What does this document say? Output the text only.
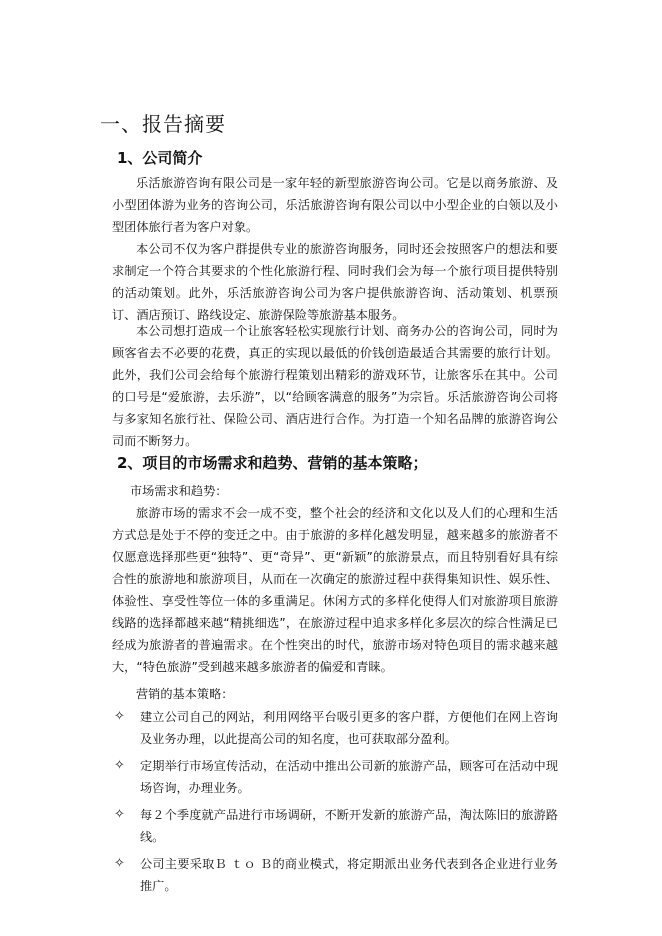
一、报告摘要
1、公司简介

乐活旅游咨询有限公司是一家年轻的新型旅游咨询公司。它是以商务旅游、及小型团体游为业务的咨询公司，乐活旅游咨询有限公司以中小型企业的白领以及小型团体旅行者为客户对象。

本公司不仅为客户群提供专业的旅游咨询服务，同时还会按照客户的想法和要求制定一个符合其要求的个性化旅游行程、同时我们会为每一个旅行项目提供特别的活动策划。此外，乐活旅游咨询公司为客户提供旅游咨询、活动策划、机票预订、酒店预订、路线设定、旅游保险等旅游基本服务。

本公司想打造成一个让旅客轻松实现旅行计划、商务办公的咨询公司，同时为顾客省去不必要的花费，真正的实现以最低的价钱创造最适合其需要的旅行计划。此外，我们公司会给每个旅游行程策划出精彩的游戏环节，让旅客乐在其中。公司的口号是“爱旅游，去乐游”，以“给顾客满意的服务”为宗旨。乐活旅游咨询公司将与多家知名旅行社、保险公司、酒店进行合作。为打造一个知名品牌的旅游咨询公司而不断努力。

2、项目的市场需求和趋势、营销的基本策略；

市场需求和趋势：

旅游市场的需求不会一成不变，整个社会的经济和文化以及人们的心理和生活方式总是处于不停的变迁之中。由于旅游的多样化越发明显，越来越多的旅游者不仅愿意选择那些更“独特”、更“奇异”、更“新颖”的旅游景点，而且特别看好具有综合性的旅游地和旅游项目，从而在一次确定的旅游过程中获得集知识性、娱乐性、体验性、享受性等位一体的多重满足。休闲方式的多样化使得人们对旅游项目旅游线路的选择都越来越“精挑细选”，在旅游过程中追求多样化多层次的综合性满足已经成为旅游者的普遍需求。在个性突出的时代，旅游市场对特色项目的需求越来越大，“特色旅游”受到越来越多旅游者的偏爱和青睐。

营销的基本策略：

✧ 建立公司自己的网站，利用网络平台吸引更多的客户群，方便他们在网上咨询及业务办理，以此提高公司的知名度，也可获取部分盈利。
✧ 定期举行市场宣传活动，在活动中推出公司新的旅游产品，顾客可在活动中现场咨询，办理业务。
✧ 每２个季度就产品进行市场调研，不断开发新的旅游产品，淘汰陈旧的旅游路线。
✧ 公司主要采取Ｂ ｔｏ Ｂ的商业模式，将定期派出业务代表到各企业进行业务推广。
